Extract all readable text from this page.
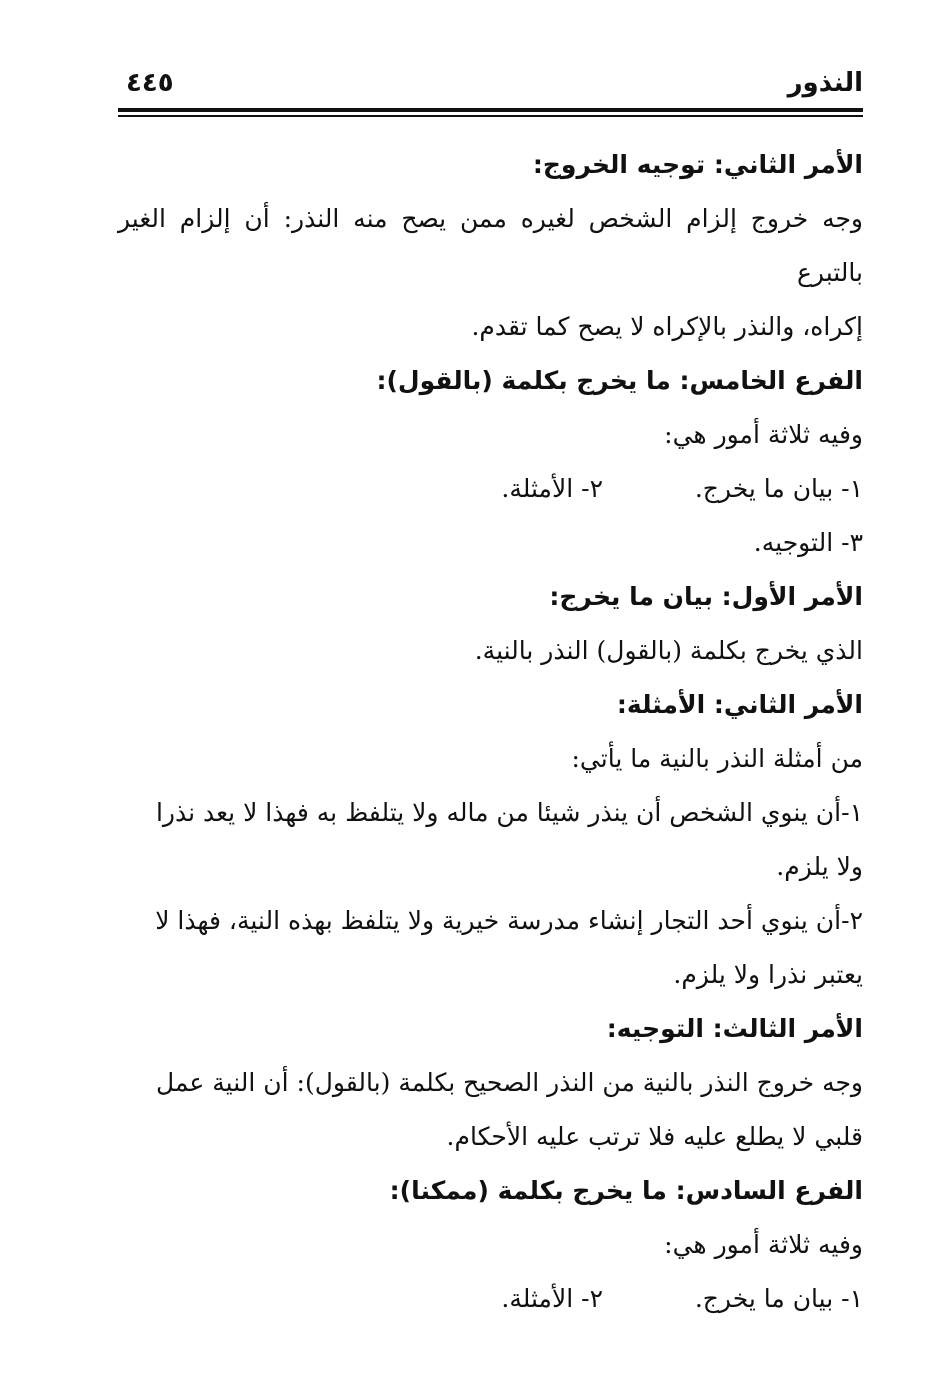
النذور
٤٤٥

الأمر الثاني: توجيه الخروج:

وجه خروج إلزام الشخص لغيره ممن يصح منه النذر: أن إلزام الغير بالتبرع

إكراه، والنذر بالإكراه لا يصح كما تقدم.

الفرع الخامس: ما يخرج بكلمة (بالقول):

وفيه ثلاثة أمور هي:

١- بيان ما يخرج.
٢- الأمثلة.

٣- التوجيه.

الأمر الأول: بيان ما يخرج:

الذي يخرج بكلمة (بالقول) النذر بالنية.

الأمر الثاني: الأمثلة:

من أمثلة النذر بالنية ما يأتي:

١-أن ينوي الشخص أن ينذر شيئا من ماله ولا يتلفظ به فهذا لا يعد نذرا

ولا يلزم.

٢-أن ينوي أحد التجار إنشاء مدرسة خيرية ولا يتلفظ بهذه النية، فهذا لا

يعتبر نذرا ولا يلزم.

الأمر الثالث: التوجيه:

وجه خروج النذر بالنية من النذر الصحيح بكلمة (بالقول): أن النية عمل

قلبي لا يطلع عليه فلا ترتب عليه الأحكام.

الفرع السادس: ما يخرج بكلمة (ممكنا):

وفيه ثلاثة أمور هي:

١- بيان ما يخرج.
٢- الأمثلة.
